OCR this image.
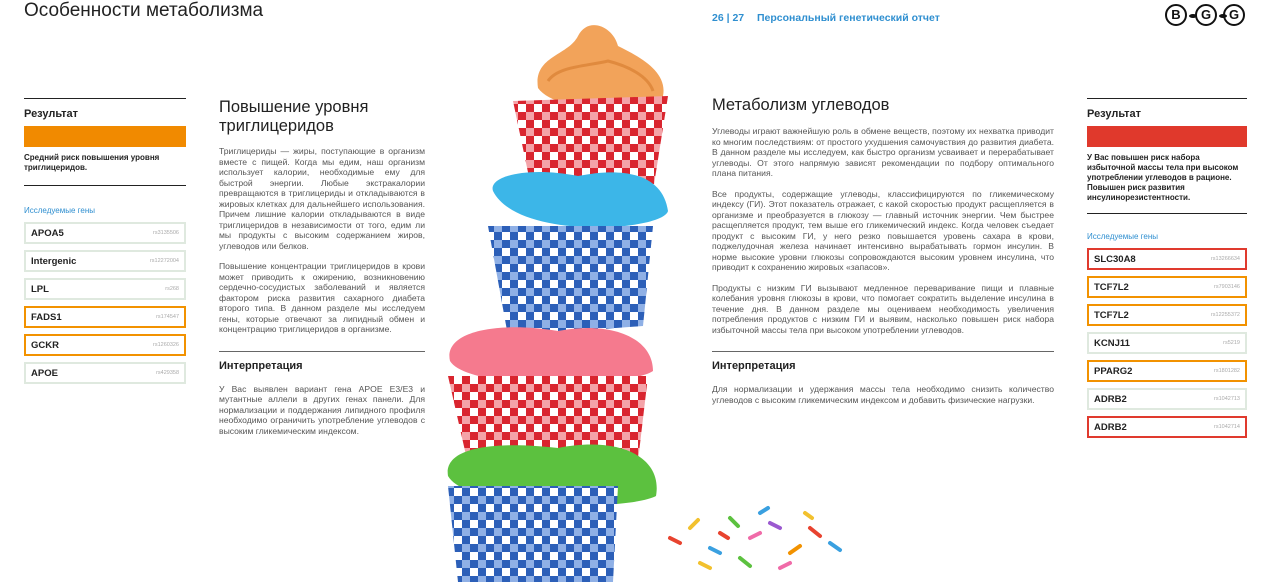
Особенности метаболизма	26 | 27 Персональный генетический отчет	B	G	G
Результат
Средний риск повышения уровня триглицеридов.
Исследуемые гены
APOA5	rs3135506
Intergenic	rs12272004
LPL	rs268
FADS1	rs174547
GCKR	rs1260326
APOE	rs429358
Повышение уровня триглицеридов

Триглицериды — жиры, поступающие в организм вместе с пищей. Когда мы едим, наш организм использует калории, необходимые ему для быстрой энергии. Любые экстракалории превращаются в триглицериды и откладываются в жировых клетках для дальнейшего использования. Причем лишние калории откладываются в виде триглицеридов в независимости от того, едим ли мы продукты с высоким содержанием жиров, углеводов или белков.

Повышение концентрации триглицеридов в крови может приводить к ожирению, возникновению сердечно-сосудистых заболеваний и является фактором риска развития сахарного диабета второго типа. В данном разделе мы исследуем гены, которые отвечают за липидный обмен и концентрацию триглицеридов в организме.

Интерпретация

У Вас выявлен вариант гена APOE E3/E3 и мутантные аллели в других генах панели. Для нормализации и поддержания липидного профиля необходимо ограничить употребление углеводов с высоким гликемическим индексом.

Метаболизм углеводов

Углеводы играют важнейшую роль в обмене веществ, поэтому их нехватка приводит ко многим последствиям: от простого ухудшения самочувствия до развития диабета. В данном разделе мы исследуем, как быстро организм усваивает и перерабатывает углеводы. От этого напрямую зависят рекомендации по подбору оптимального плана питания.

Все продукты, содержащие углеводы, классифицируются по гликемическому индексу (ГИ). Этот показатель отражает, с какой скоростью продукт расщепляется в организме и преобразуется в глюкозу — главный источник энергии. Чем быстрее расщепляется продукт, тем выше его гликемический индекс. Когда человек съедает продукт с высоким ГИ, у него резко повышается уровень сахара в крови, поджелудочная железа начинает интенсивно вырабатывать гормон инсулин. В норме высокие уровни глюкозы сопровождаются высоким уровнем инсулина, что приводит к сохранению жировых «запасов».

Продукты с низким ГИ вызывают медленное переваривание пищи и плавные колебания уровня глюкозы в крови, что помогает сократить выделение инсулина в течение дня. В данном разделе мы оцениваем необходимость увеличения потребления продуктов с низким ГИ и выявим, насколько повышен риск набора избыточной массы тела при высоком употреблении углеводов.

Интерпретация

Для нормализации и удержания массы тела необходимо снизить количество углеводов с высоким гликемическим индексом и добавить физические нагрузки.

Результат
У Вас повышен риск набора избыточной массы тела при высоком употреблении углеводов в рационе. Повышен риск развития инсулинорезистентности.
Исследуемые гены
SLC30A8	rs13266634
TCF7L2	rs7903146
TCF7L2	rs12255372
KCNJ11	rs5219
PPARG2	rs1801282
ADRB2	rs1042713
ADRB2	rs1042714
